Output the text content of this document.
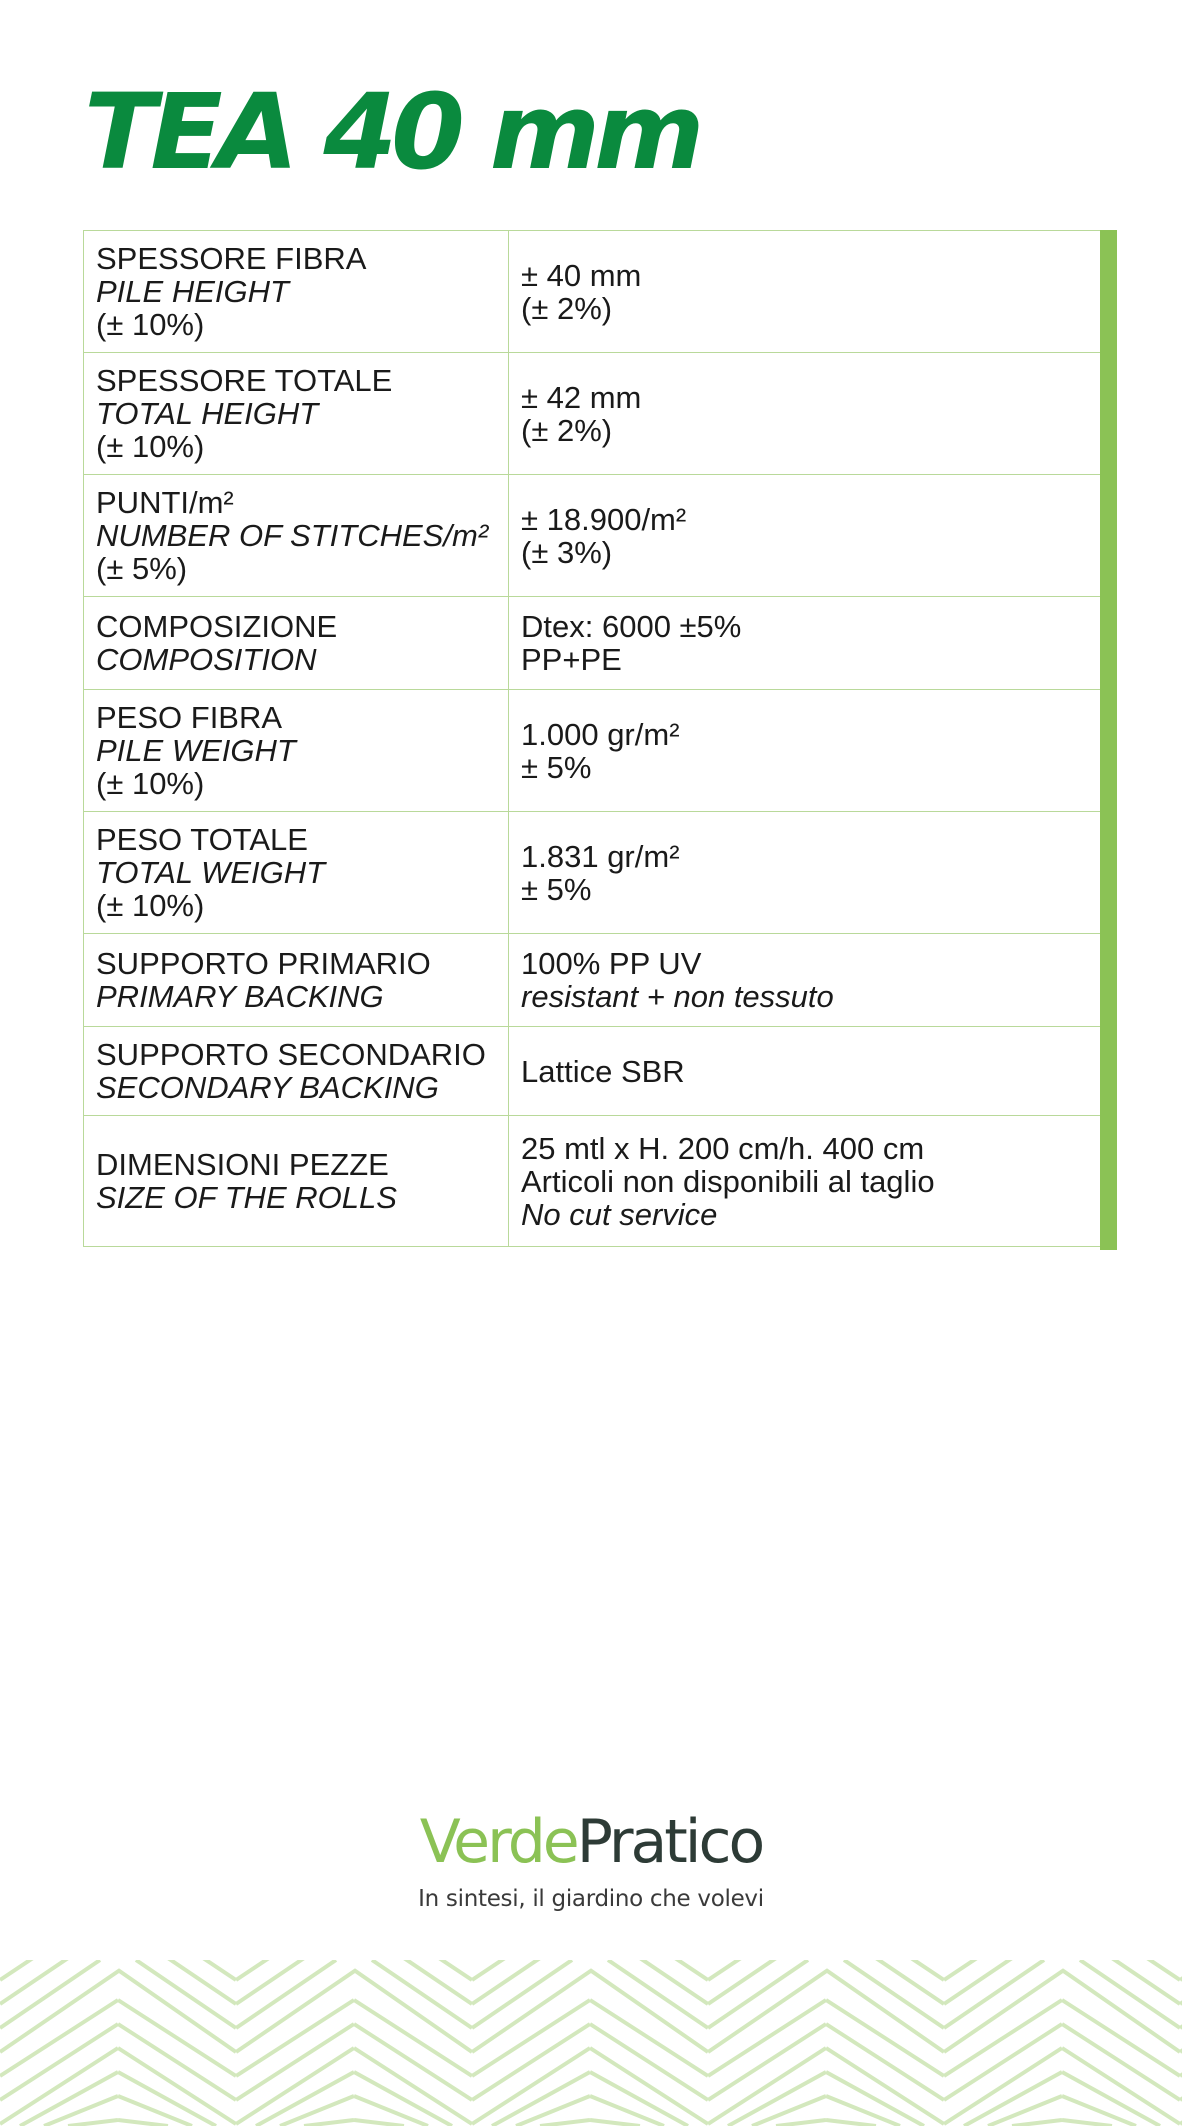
TEA 40 mm
SPESSORE FIBRA
PILE HEIGHT
(± 10%)	± 40 mm
(± 2%)

SPESSORE TOTALE
TOTAL HEIGHT
(± 10%)	± 42 mm
(± 2%)

PUNTI/m²
NUMBER OF STITCHES/m²
(± 5%)	± 18.900/m²
(± 3%)

COMPOSIZIONE
COMPOSITION	Dtex: 6000 ±5%
PP+PE

PESO FIBRA
PILE WEIGHT
(± 10%)	1.000 gr/m²
± 5%

PESO TOTALE
TOTAL WEIGHT
(± 10%)	1.831 gr/m²
± 5%

SUPPORTO PRIMARIO
PRIMARY BACKING	100% PP UV
resistant + non tessuto

SUPPORTO SECONDARIO
SECONDARY BACKING	Lattice SBR

DIMENSIONI PEZZE
SIZE OF THE ROLLS	25 mtl x H. 200 cm/h. 400 cm
Articoli non disponibili al taglio
No cut service
VerdePratico
In sintesi, il giardino che volevi
